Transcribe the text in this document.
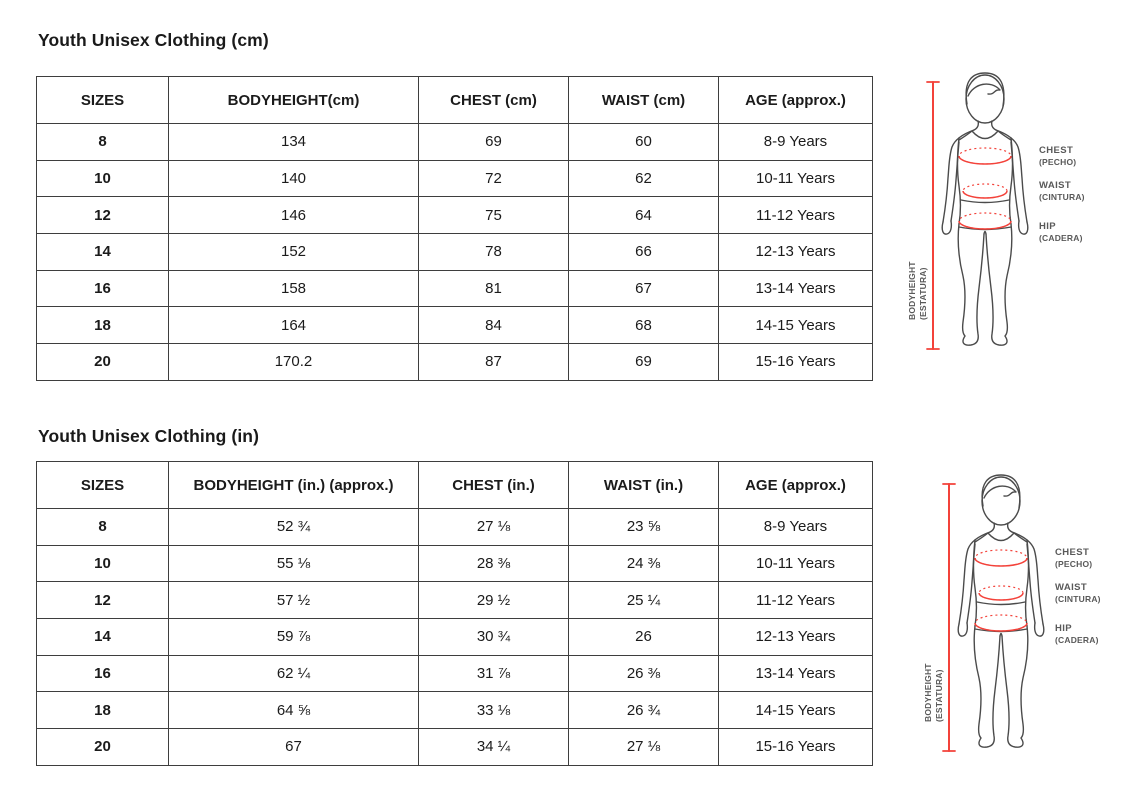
Youth Unisex Clothing (cm)
SIZES	BODYHEIGHT(cm)	CHEST (cm)	WAIST (cm)	AGE (approx.)
8	134	69	60	8-9 Years
10	140	72	62	10-11 Years
12	146	75	64	11-12 Years
14	152	78	66	12-13 Years
16	158	81	67	13-14 Years
18	164	84	68	14-15 Years
20	170.2	87	69	15-16 Years
CHEST
(PECHO)
WAIST
(CINTURA)
HIP
(CADERA)
BODYHEIGHT (ESTATURA)
Youth Unisex Clothing (in)
SIZES	BODYHEIGHT (in.) (approx.)	CHEST (in.)	WAIST (in.)	AGE (approx.)
8	52 ¾	27 ⅛	23 ⅝	8-9 Years
10	55 ⅛	28 ⅜	24 ⅜	10-11 Years
12	57 ½	29 ½	25 ¼	11-12 Years
14	59 ⅞	30 ¾	26	12-13 Years
16	62 ¼	31 ⅞	26 ⅜	13-14 Years
18	64 ⅝	33 ⅛	26 ¾	14-15 Years
20	67	34 ¼	27 ⅛	15-16 Years
